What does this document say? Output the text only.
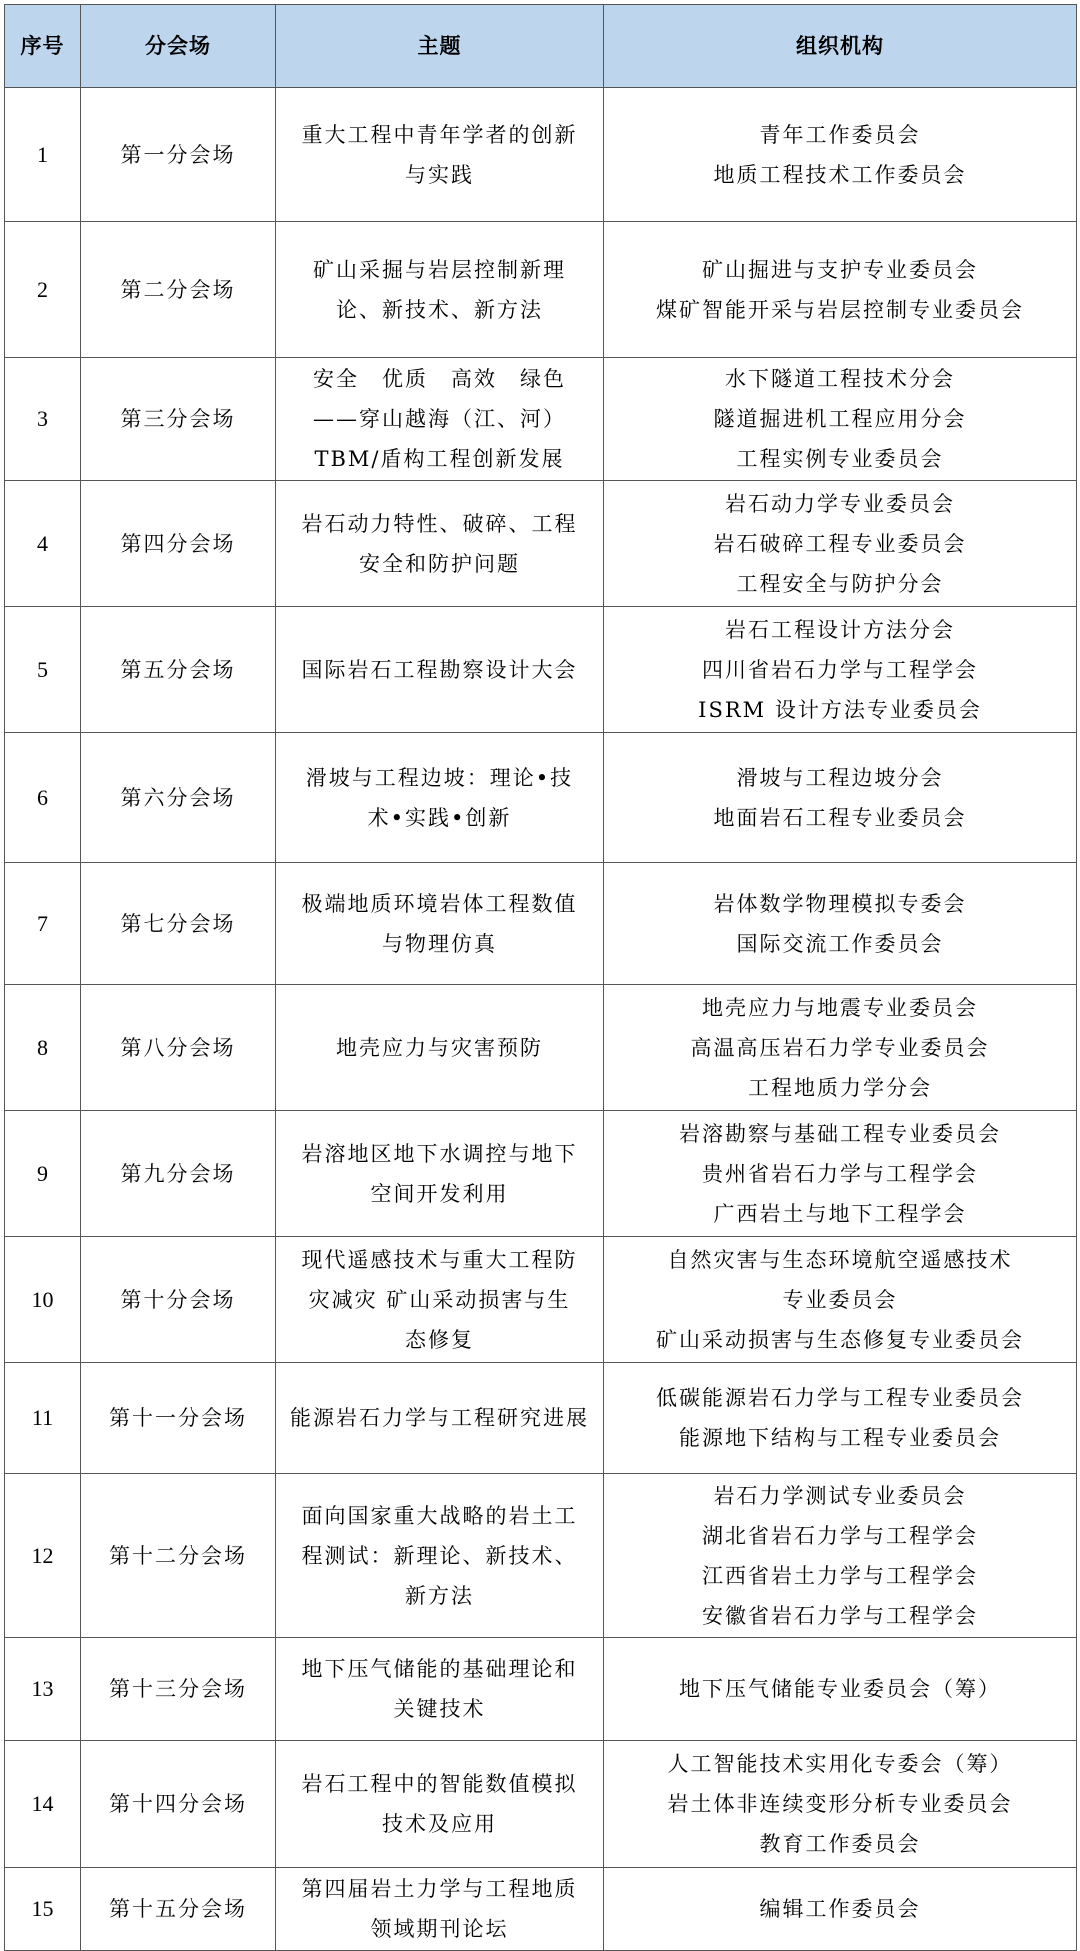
序号	分会场	主题	组织机构
1	第一分会场	重大工程中青年学者的创新
与实践	青年工作委员会
地质工程技术工作委员会

2	第二分会场	矿山采掘与岩层控制新理
论、新技术、新方法	矿山掘进与支护专业委员会
煤矿智能开采与岩层控制专业委员会

3	第三分会场	安全　优质　高效　绿色
——穿山越海（江、河）
TBM/盾构工程创新发展	水下隧道工程技术分会
隧道掘进机工程应用分会
工程实例专业委员会

4	第四分会场	岩石动力特性、破碎、工程
安全和防护问题	岩石动力学专业委员会
岩石破碎工程专业委员会
工程安全与防护分会

5	第五分会场	国际岩石工程勘察设计大会	岩石工程设计方法分会
四川省岩石力学与工程学会
ISRM 设计方法专业委员会

6	第六分会场	滑坡与工程边坡：理论•技
术•实践•创新	滑坡与工程边坡分会
地面岩石工程专业委员会

7	第七分会场	极端地质环境岩体工程数值
与物理仿真	岩体数学物理模拟专委会
国际交流工作委员会

8	第八分会场	地壳应力与灾害预防	地壳应力与地震专业委员会
高温高压岩石力学专业委员会
工程地质力学分会

9	第九分会场	岩溶地区地下水调控与地下
空间开发利用	岩溶勘察与基础工程专业委员会
贵州省岩石力学与工程学会
广西岩土与地下工程学会

10	第十分会场	现代遥感技术与重大工程防
灾减灾 矿山采动损害与生
态修复	自然灾害与生态环境航空遥感技术
专业委员会
矿山采动损害与生态修复专业委员会

11	第十一分会场	能源岩石力学与工程研究进展	低碳能源岩石力学与工程专业委员会
能源地下结构与工程专业委员会

12	第十二分会场	面向国家重大战略的岩土工
程测试：新理论、新技术、
新方法	岩石力学测试专业委员会
湖北省岩石力学与工程学会
江西省岩土力学与工程学会
安徽省岩石力学与工程学会

13	第十三分会场	地下压气储能的基础理论和
关键技术	地下压气储能专业委员会（筹）

14	第十四分会场	岩石工程中的智能数值模拟
技术及应用	人工智能技术实用化专委会（筹）
岩土体非连续变形分析专业委员会
教育工作委员会

15	第十五分会场	第四届岩土力学与工程地质
领域期刊论坛	编辑工作委员会
